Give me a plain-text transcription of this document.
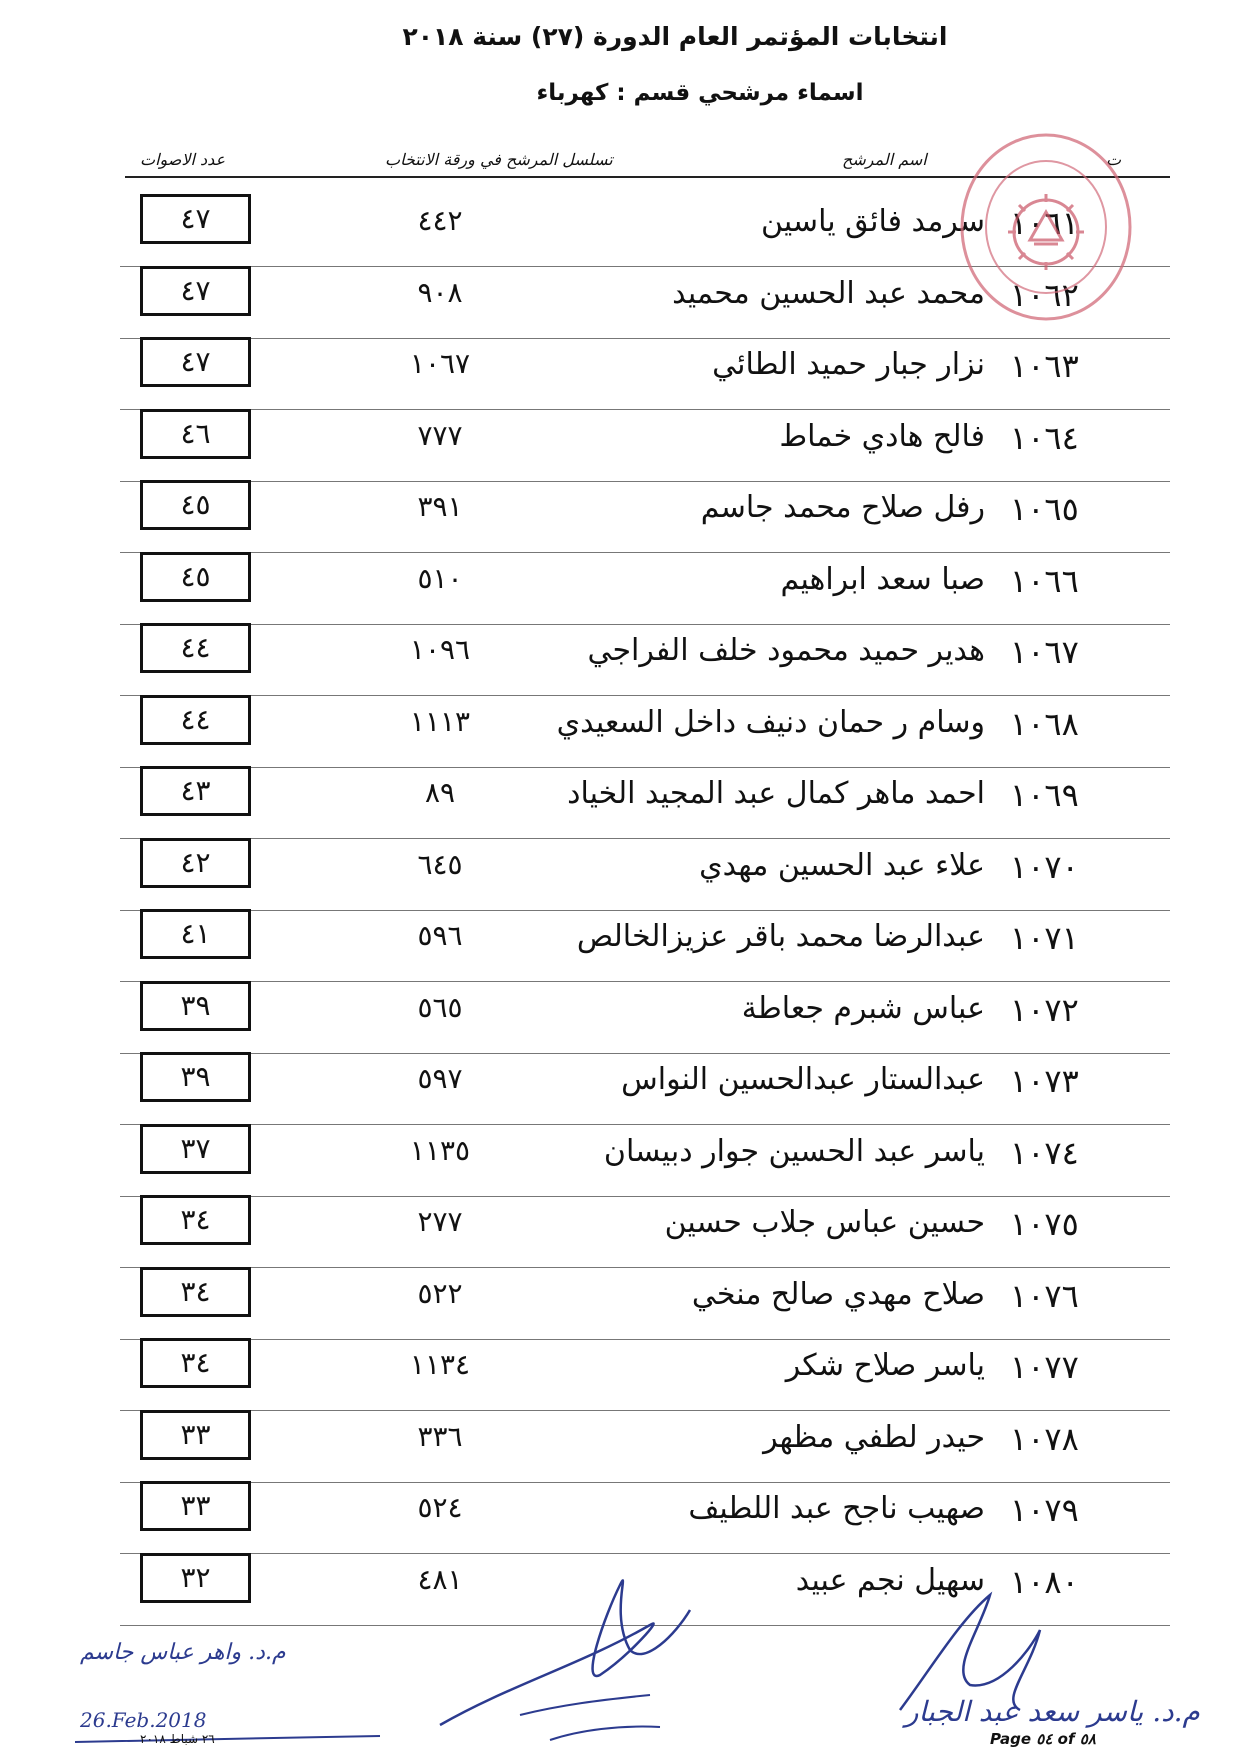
انتخابات المؤتمر العام الدورة (٢٧) سنة ٢٠١٨
اسماء مرشحي قسم : كهرباء
ت
اسم المرشح
تسلسل المرشح في ورقة الانتخاب
عدد الاصوات
١٠٦١
سرمد فائق ياسين
٤٤٢
٤٧
١٠٦٢
محمد عبد الحسين محميد
٩٠٨
٤٧
١٠٦٣
نزار جبار حميد الطائي
١٠٦٧
٤٧
١٠٦٤
فالح هادي خماط
٧٧٧
٤٦
١٠٦٥
رفل صلاح محمد جاسم
٣٩١
٤٥
١٠٦٦
صبا سعد ابراهيم
٥١٠
٤٥
١٠٦٧
هدير حميد محمود خلف الفراجي
١٠٩٦
٤٤
١٠٦٨
وسام ر حمان دنيف داخل السعيدي
١١١٣
٤٤
١٠٦٩
احمد ماهر كمال عبد المجيد الخياد
٨٩
٤٣
١٠٧٠
علاء عبد الحسين مهدي
٦٤٥
٤٢
١٠٧١
عبدالرضا محمد باقر عزيزالخالص
٥٩٦
٤١
١٠٧٢
عباس شبرم جعاطة
٥٦٥
٣٩
١٠٧٣
عبدالستار عبدالحسين النواس
٥٩٧
٣٩
١٠٧٤
ياسر عبد الحسين جوار دبيسان
١١٣٥
٣٧
١٠٧٥
حسين عباس جلاب حسين
٢٧٧
٣٤
١٠٧٦
صلاح مهدي صالح منخي
٥٢٢
٣٤
١٠٧٧
ياسر صلاح شكر
١١٣٤
٣٤
١٠٧٨
حيدر لطفي مظهر
٣٣٦
٣٣
١٠٧٩
صهيب ناجح عبد اللطيف
٥٢٤
٣٣
١٠٨٠
سهيل نجم عبيد
٤٨١
٣٢
م.د. واهر عباس جاسم
26.Feb.2018
٢٦ شباط ٢٠١٨
م.د. ياسر سعد عبد الجبار
Page ٥٤ of ٥٨
